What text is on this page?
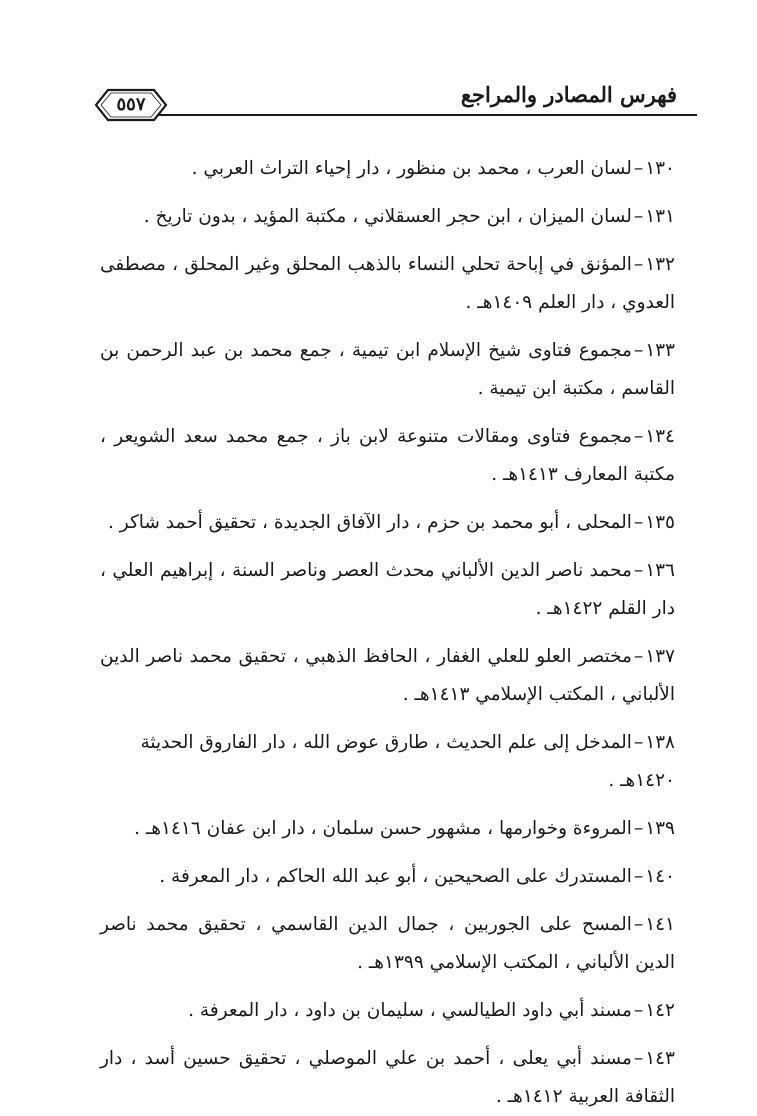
فهرس المصادر والمراجع
٥٥٧
١٣٠–لسان العرب ، محمد بن منظور ، دار إحياء التراث العربي .
١٣١–لسان الميزان ، ابن حجر العسقلاني ، مكتبة المؤيد ، بدون تاريخ .
١٣٢–المؤنق في إباحة تحلي النساء بالذهب المحلق وغير المحلق ، مصطفى العدوي ، دار العلم ١٤٠٩هـ .
١٣٣–مجموع فتاوى شيخ الإسلام ابن تيمية ، جمع محمد بن عبد الرحمن بن القاسم ، مكتبة ابن تيمية .
١٣٤–مجموع فتاوى ومقالات متنوعة لابن باز ، جمع محمد سعد الشويعر ، مكتبة المعارف ١٤١٣هـ .
١٣٥–المحلى ، أبو محمد بن حزم ، دار الآفاق الجديدة ، تحقيق أحمد شاكر .
١٣٦–محمد ناصر الدين الألباني محدث العصر وناصر السنة ، إبراهيم العلي ، دار القلم ١٤٢٢هـ .
١٣٧–مختصر العلو للعلي الغفار ، الحافظ الذهبي ، تحقيق محمد ناصر الدين الألباني ، المكتب الإسلامي ١٤١٣هـ .
١٣٨–المدخل إلى علم الحديث ، طارق عوض الله ، دار الفاروق الحديثة ١٤٢٠هـ .
١٣٩–المروءة وخوارمها ، مشهور حسن سلمان ، دار ابن عفان ١٤١٦هـ .
١٤٠–المستدرك على الصحيحين ، أبو عبد الله الحاكم ، دار المعرفة .
١٤١–المسح على الجوربين ، جمال الدين القاسمي ، تحقيق محمد ناصر الدين الألباني ، المكتب الإسلامي ١٣٩٩هـ .
١٤٢–مسند أبي داود الطيالسي ، سليمان بن داود ، دار المعرفة .
١٤٣–مسند أبي يعلى ، أحمد بن علي الموصلي ، تحقيق حسين أسد ، دار الثقافة العربية ١٤١٢هـ .
